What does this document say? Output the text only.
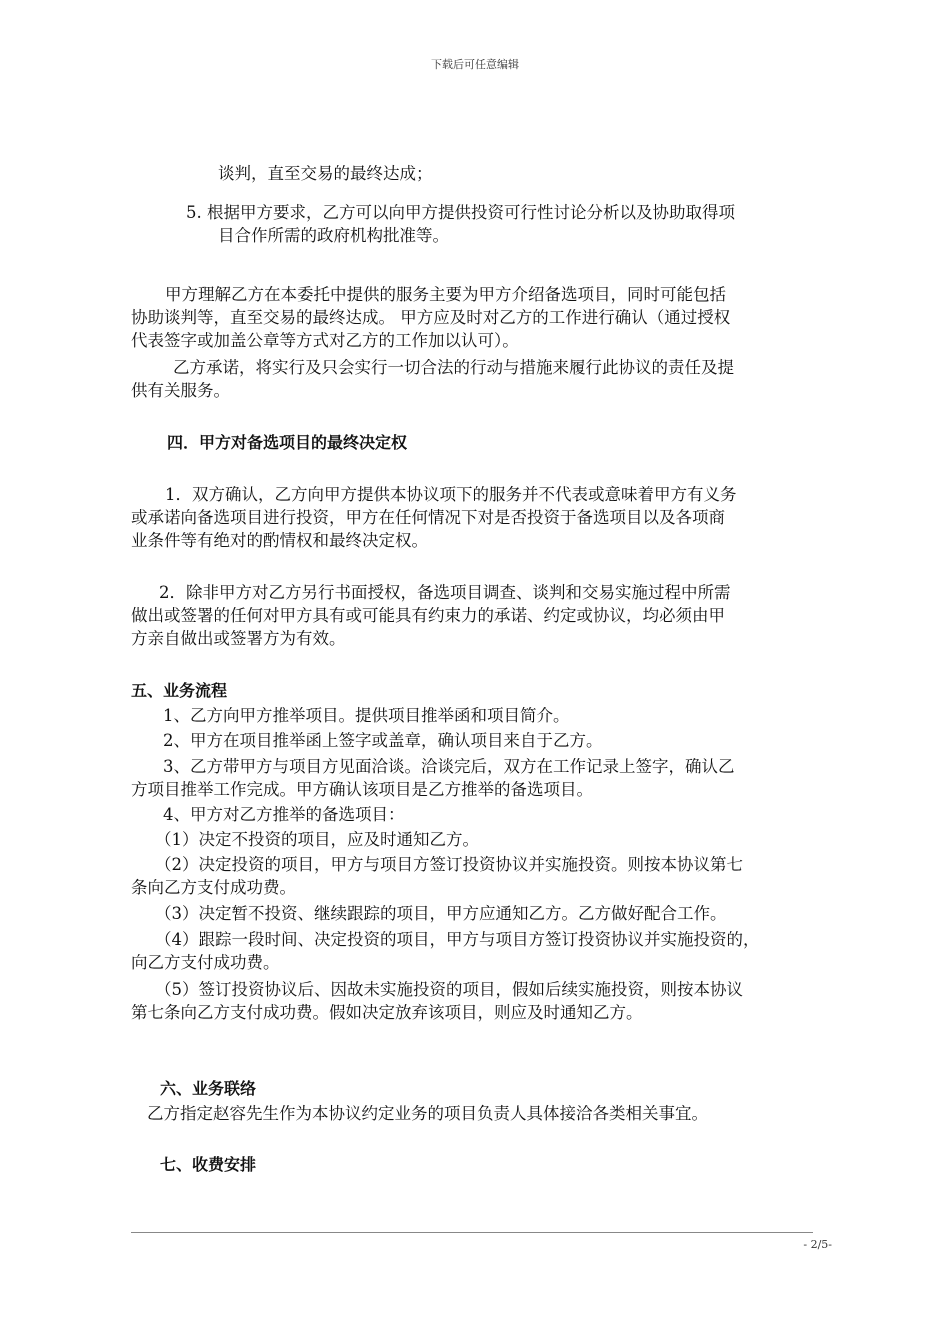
下载后可任意编辑
谈判，直至交易的最终达成；
5. 根据甲方要求，乙方可以向甲方提供投资可行性讨论分析以及协助取得项
目合作所需的政府机构批准等。
甲方理解乙方在本委托中提供的服务主要为甲方介绍备选项目，同时可能包括
协助谈判等，直至交易的最终达成。 甲方应及时对乙方的工作进行确认（通过授权
代表签字或加盖公章等方式对乙方的工作加以认可）。
乙方承诺，将实行及只会实行一切合法的行动与措施来履行此协议的责任及提
供有关服务。
四．甲方对备选项目的最终决定权
1．双方确认，乙方向甲方提供本协议项下的服务并不代表或意味着甲方有义务
或承诺向备选项目进行投资，甲方在任何情况下对是否投资于备选项目以及各项商
业条件等有绝对的酌情权和最终决定权。
2．除非甲方对乙方另行书面授权，备选项目调查、谈判和交易实施过程中所需
做出或签署的任何对甲方具有或可能具有约束力的承诺、约定或协议，均必须由甲
方亲自做出或签署方为有效。
五、业务流程
1、乙方向甲方推举项目。提供项目推举函和项目简介。
2、甲方在项目推举函上签字或盖章，确认项目来自于乙方。
3、乙方带甲方与项目方见面洽谈。洽谈完后，双方在工作记录上签字，确认乙
方项目推举工作完成。甲方确认该项目是乙方推举的备选项目。
4、甲方对乙方推举的备选项目：
（1）决定不投资的项目，应及时通知乙方。
（2）决定投资的项目，甲方与项目方签订投资协议并实施投资。则按本协议第七
条向乙方支付成功费。
（3）决定暂不投资、继续跟踪的项目，甲方应通知乙方。乙方做好配合工作。
（4）跟踪一段时间、决定投资的项目，甲方与项目方签订投资协议并实施投资的，
向乙方支付成功费。
（5）签订投资协议后、因故未实施投资的项目，假如后续实施投资，则按本协议
第七条向乙方支付成功费。假如决定放弃该项目，则应及时通知乙方。
六、业务联络
乙方指定赵容先生作为本协议约定业务的项目负责人具体接洽各类相关事宜。
七、收费安排
- 2/5-
